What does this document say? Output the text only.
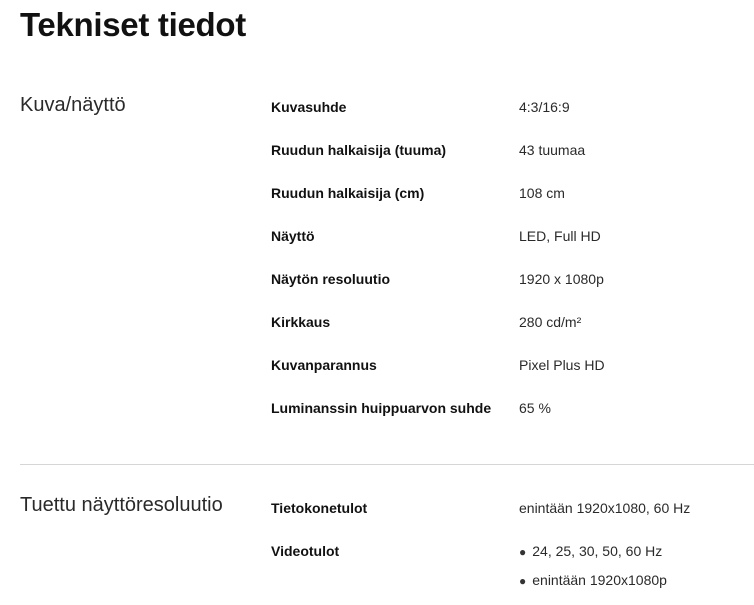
Tekniset tiedot
Kuva/näyttö	Kuvasuhde	4:3/16:9
Ruudun halkaisija (tuuma)	43 tuumaa
Ruudun halkaisija (cm)	108 cm
Näyttö	LED, Full HD
Näytön resoluutio	1920 x 1080p
Kirkkaus	280 cd/m²
Kuvanparannus	Pixel Plus HD
Luminanssin huippuarvon suhde 65 %
Tuettu näyttöresoluutio	Tietokonetulot	enintään 1920x1080, 60 Hz
Videotulot	● 24, 25, 30, 50, 60 Hz
● enintään 1920x1080p
